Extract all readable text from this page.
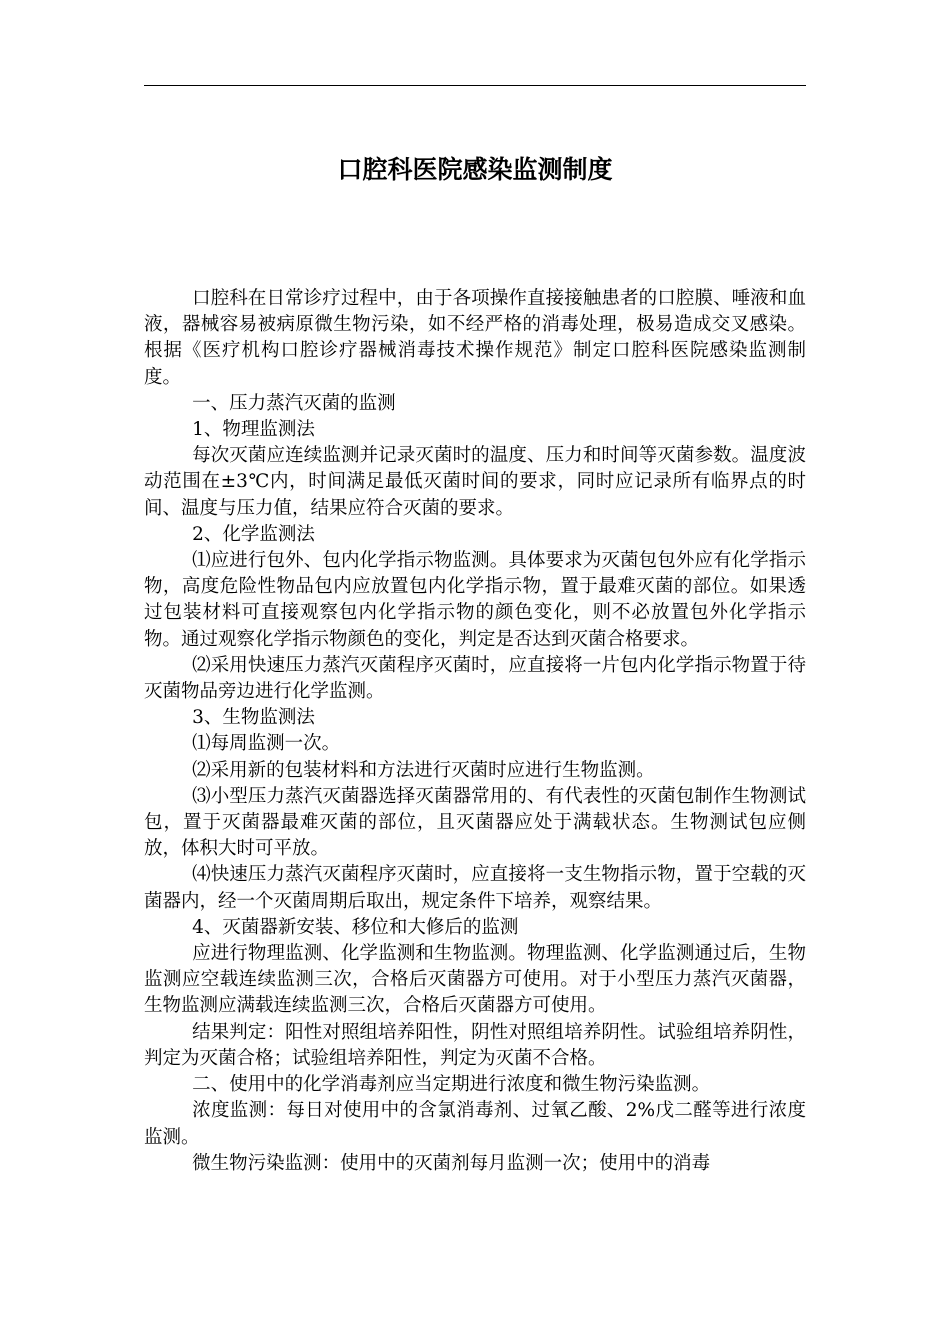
口腔科医院感染监测制度

口腔科在日常诊疗过程中，由于各项操作直接接触患者的口腔膜、唾液和血液，器械容易被病原微生物污染，如不经严格的消毒处理，极易造成交叉感染。根据《医疗机构口腔诊疗器械消毒技术操作规范》制定口腔科医院感染监测制度。

一、压力蒸汽灭菌的监测

1、物理监测法

每次灭菌应连续监测并记录灭菌时的温度、压力和时间等灭菌参数。温度波动范围在±3℃内，时间满足最低灭菌时间的要求，同时应记录所有临界点的时间、温度与压力值，结果应符合灭菌的要求。

2、化学监测法

⑴应进行包外、包内化学指示物监测。具体要求为灭菌包包外应有化学指示物，高度危险性物品包内应放置包内化学指示物，置于最难灭菌的部位。如果透过包装材料可直接观察包内化学指示物的颜色变化，则不必放置包外化学指示物。通过观察化学指示物颜色的变化，判定是否达到灭菌合格要求。

⑵采用快速压力蒸汽灭菌程序灭菌时，应直接将一片包内化学指示物置于待灭菌物品旁边进行化学监测。

3、生物监测法

⑴每周监测一次。

⑵采用新的包装材料和方法进行灭菌时应进行生物监测。

⑶小型压力蒸汽灭菌器选择灭菌器常用的、有代表性的灭菌包制作生物测试包，置于灭菌器最难灭菌的部位，且灭菌器应处于满载状态。生物测试包应侧放，体积大时可平放。

⑷快速压力蒸汽灭菌程序灭菌时，应直接将一支生物指示物，置于空载的灭菌器内，经一个灭菌周期后取出，规定条件下培养，观察结果。

4、灭菌器新安装、移位和大修后的监测

应进行物理监测、化学监测和生物监测。物理监测、化学监测通过后，生物监测应空载连续监测三次，合格后灭菌器方可使用。对于小型压力蒸汽灭菌器，生物监测应满载连续监测三次，合格后灭菌器方可使用。

结果判定：阳性对照组培养阳性，阴性对照组培养阴性。试验组培养阴性，判定为灭菌合格；试验组培养阳性，判定为灭菌不合格。

二、使用中的化学消毒剂应当定期进行浓度和微生物污染监测。

浓度监测：每日对使用中的含氯消毒剂、过氧乙酸、2%戊二醛等进行浓度监测。

微生物污染监测：使用中的灭菌剂每月监测一次；使用中的消毒
